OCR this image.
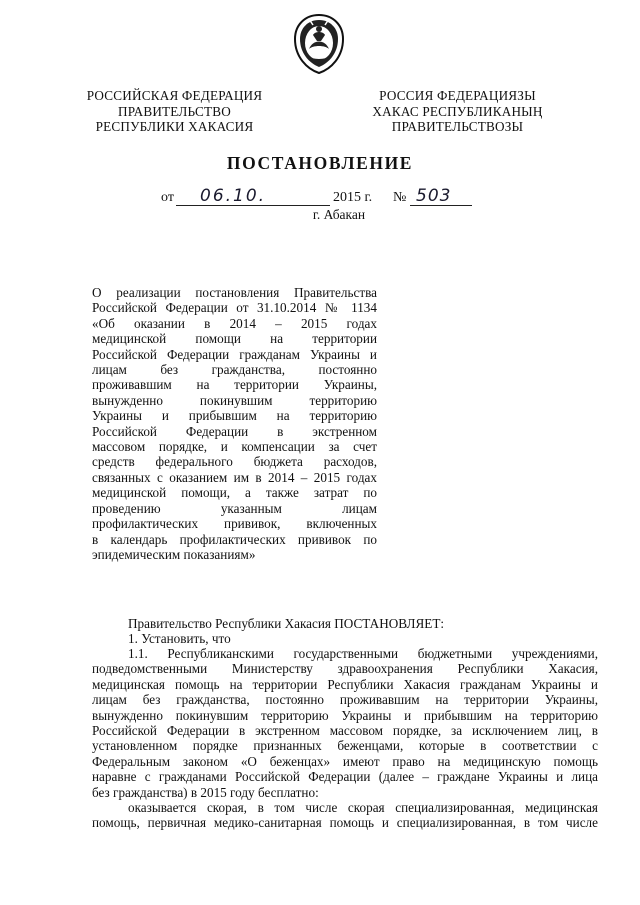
РОССИЙСКАЯ ФЕДЕРАЦИЯ
ПРАВИТЕЛЬСТВО
РЕСПУБЛИКИ ХАКАСИЯ
РОССИЯ ФЕДЕРАЦИЯЗЫ
ХАКАС РЕСПУБЛИКАНЫҢ
ПРАВИТЕЛЬСТВОЗЫ
ПОСТАНОВЛЕНИЕ
от	06.10.	2015 г. № 503
г. Абакан
О реализации постановления Правительства
Российской Федерации от 31.10.2014 № 1134
«Об оказании в 2014 – 2015 годах
медицинской помощи на территории
Российской Федерации гражданам Украины и
лицам без гражданства, постоянно
проживавшим на территории Украины,
вынужденно покинувшим территорию
Украины и прибывшим на территорию
Российской Федерации в экстренном
массовом порядке, и компенсации за счет
средств федерального бюджета расходов,
связанных с оказанием им в 2014 – 2015 годах
медицинской помощи, а также затрат по
проведению указанным лицам
профилактических прививок, включенных
в календарь профилактических прививок по
эпидемическим показаниям»
Правительство Республики Хакасия ПОСТАНОВЛЯЕТ:
1. Установить, что
1.1. Республиканскими государственными бюджетными учреждениями,
подведомственными Министерству здравоохранения Республики Хакасия,
медицинская помощь на территории Республики Хакасия гражданам Украины и
лицам без гражданства, постоянно проживавшим на территории Украины,
вынужденно покинувшим территорию Украины и прибывшим на территорию
Российской Федерации в экстренном массовом порядке, за исключением лиц, в
установленном порядке признанных беженцами, которые в соответствии с
Федеральным законом «О беженцах» имеют право на медицинскую помощь
наравне с гражданами Российской Федерации (далее – граждане Украины и лица
без гражданства) в 2015 году бесплатно:
оказывается скорая, в том числе скорая специализированная, медицинская
помощь, первичная медико-санитарная помощь и специализированная, в том числе
